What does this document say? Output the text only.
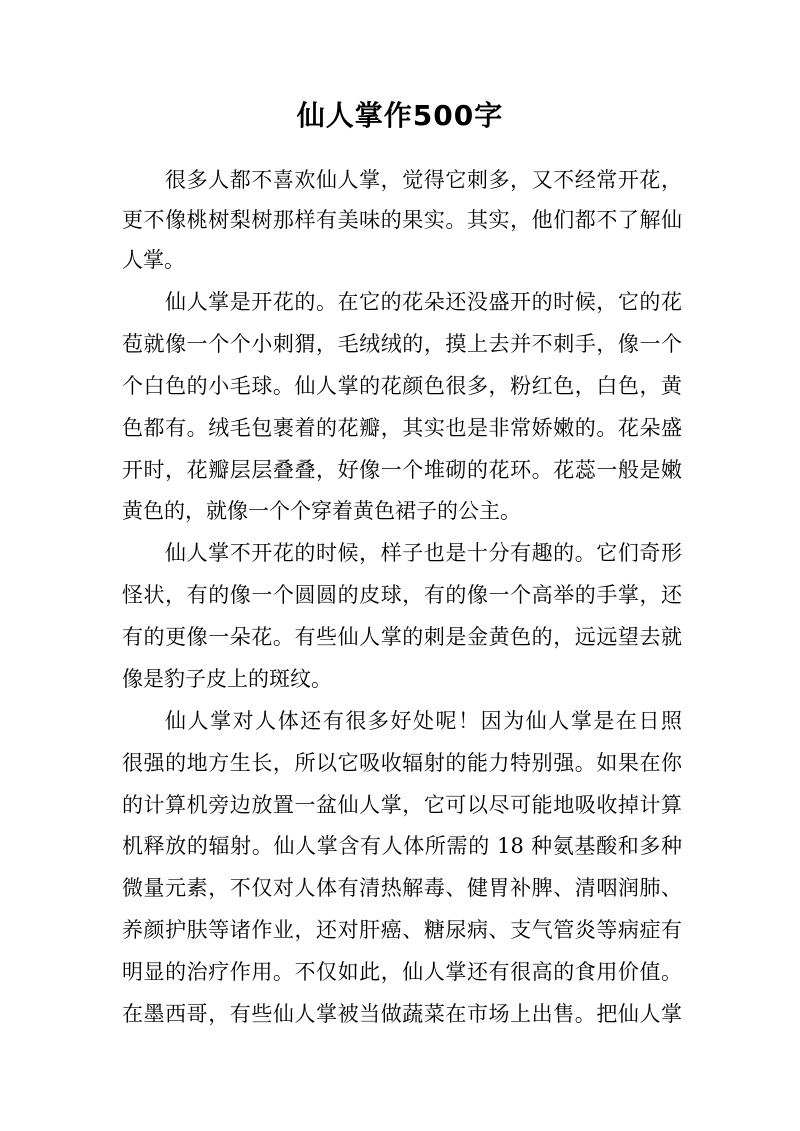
仙人掌作500字

很多人都不喜欢仙人掌，觉得它刺多，又不经常开花，

更不像桃树梨树那样有美味的果实。其实，他们都不了解仙

人掌。

仙人掌是开花的。在它的花朵还没盛开的时候，它的花

苞就像一个个小刺猬，毛绒绒的，摸上去并不刺手，像一个

个白色的小毛球。仙人掌的花颜色很多，粉红色，白色，黄

色都有。绒毛包裹着的花瓣，其实也是非常娇嫩的。花朵盛

开时，花瓣层层叠叠，好像一个堆砌的花环。花蕊一般是嫩

黄色的，就像一个个穿着黄色裙子的公主。

仙人掌不开花的时候，样子也是十分有趣的。它们奇形

怪状，有的像一个圆圆的皮球，有的像一个高举的手掌，还

有的更像一朵花。有些仙人掌的刺是金黄色的，远远望去就

像是豹子皮上的斑纹。

仙人掌对人体还有很多好处呢！因为仙人掌是在日照

很强的地方生长，所以它吸收辐射的能力特别强。如果在你

的计算机旁边放置一盆仙人掌，它可以尽可能地吸收掉计算

机释放的辐射。仙人掌含有人体所需的 18 种氨基酸和多种

微量元素，不仅对人体有清热解毒、健胃补脾、清咽润肺、

养颜护肤等诸作业，还对肝癌、糖尿病、支气管炎等病症有

明显的治疗作用。不仅如此，仙人掌还有很高的食用价值。

在墨西哥，有些仙人掌被当做蔬菜在市场上出售。把仙人掌
